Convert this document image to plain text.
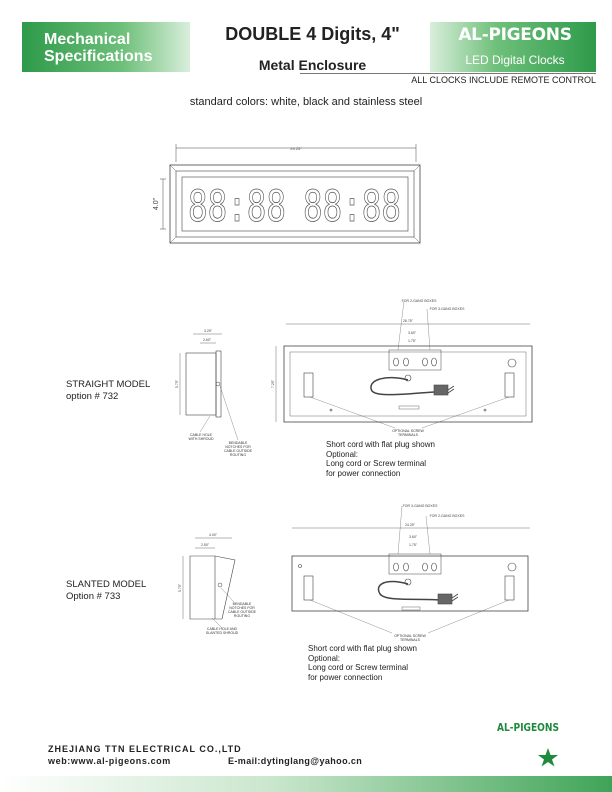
Mechanical
Specifications
DOUBLE 4 Digits, 4"
Metal Enclosure
AL-PIGEONS
LED Digital Clocks
ALL CLOCKS INCLUDE REMOTE CONTROL
standard colors: white, black and stainless steel
24.25"
4.0" 88:88 88:88
3.25"
2.60"
5.75"
26.75"
7.25"
FOR 2-GANG BOXES
FOR 3-GANG BOXES
3.60"
1.75"
4.00"
2.50"
5.75"
24.25"
FOR 3-GANG BOXES
FOR 2-GANG BOXES
3.60"
1.75"
AL-PIGEONS
STRAIGHT MODEL
option # 732
CABLE HOLE WITH SHROUD
BENDABLE NOTCHES FOR CABLE OUTSIDE ROUTING
OPTIONAL SCREW TERMINALS
Short cord with flat plug shown
Optional:
Long cord or Screw terminal
for power connection
SLANTED MODEL
Option # 733
CABLE HOLE AND SLANTED SHROUD
BENDABLE NOTCHES FOR CABLE OUTSIDE ROUTING
OPTIONAL SCREW TERMINALS
Short cord with flat plug shown
Optional:
Long cord or Screw terminal
for power connection
ZHEJIANG TTN ELECTRICAL CO.,LTD
web:www.al-pigeons.com	E-mail:dytinglang@yahoo.cn
